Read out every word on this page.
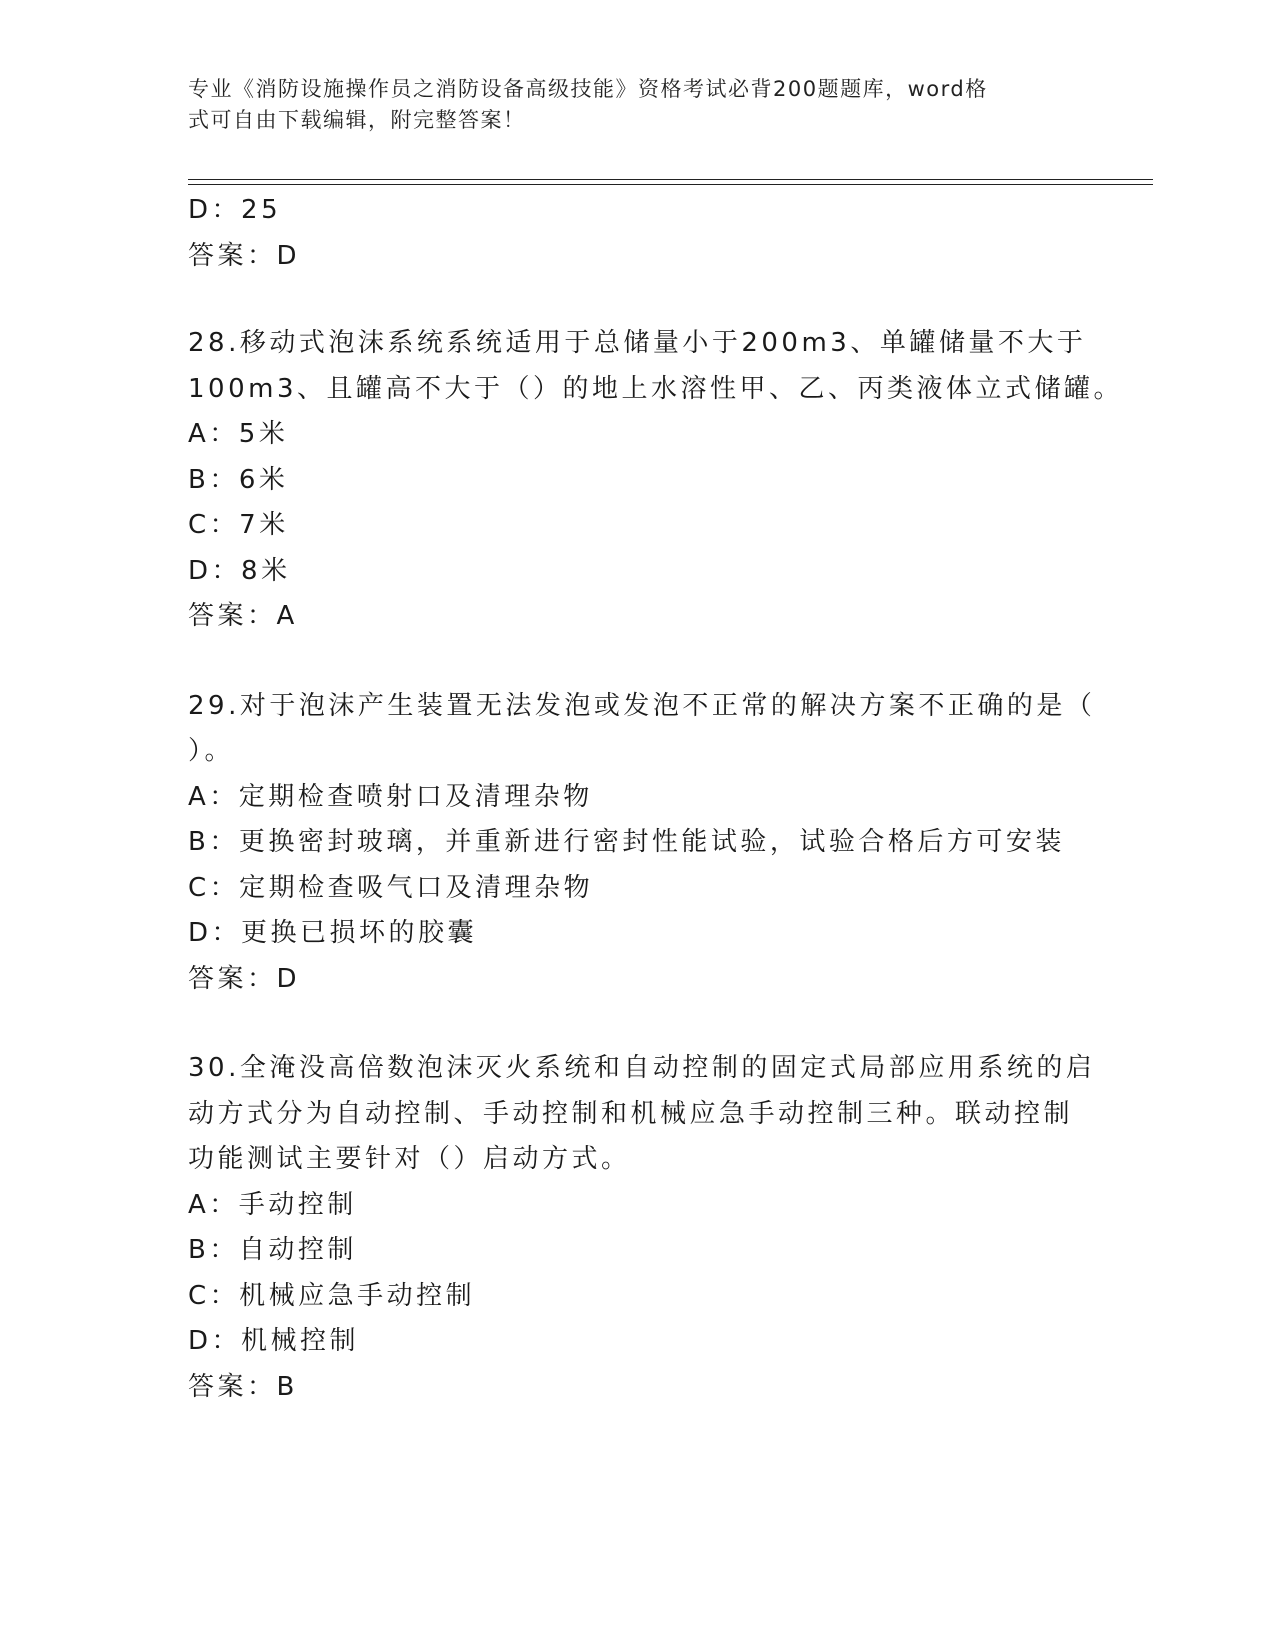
专业《消防设施操作员之消防设备高级技能》资格考试必背200题题库，word格
式可自由下载编辑，附完整答案！
D：25
答案：D
28.移动式泡沫系统系统适用于总储量小于200m3、单罐储量不大于
100m3、且罐高不大于（）的地上水溶性甲、乙、丙类液体立式储罐。
A：5米
B：6米
C：7米
D：8米
答案：A
29.对于泡沫产生装置无法发泡或发泡不正常的解决方案不正确的是（
）。
A：定期检查喷射口及清理杂物
B：更换密封玻璃，并重新进行密封性能试验，试验合格后方可安装
C：定期检查吸气口及清理杂物
D：更换已损坏的胶囊
答案：D
30.全淹没高倍数泡沫灭火系统和自动控制的固定式局部应用系统的启
动方式分为自动控制、手动控制和机械应急手动控制三种。联动控制
功能测试主要针对（）启动方式。
A：手动控制
B：自动控制
C：机械应急手动控制
D：机械控制
答案：B
